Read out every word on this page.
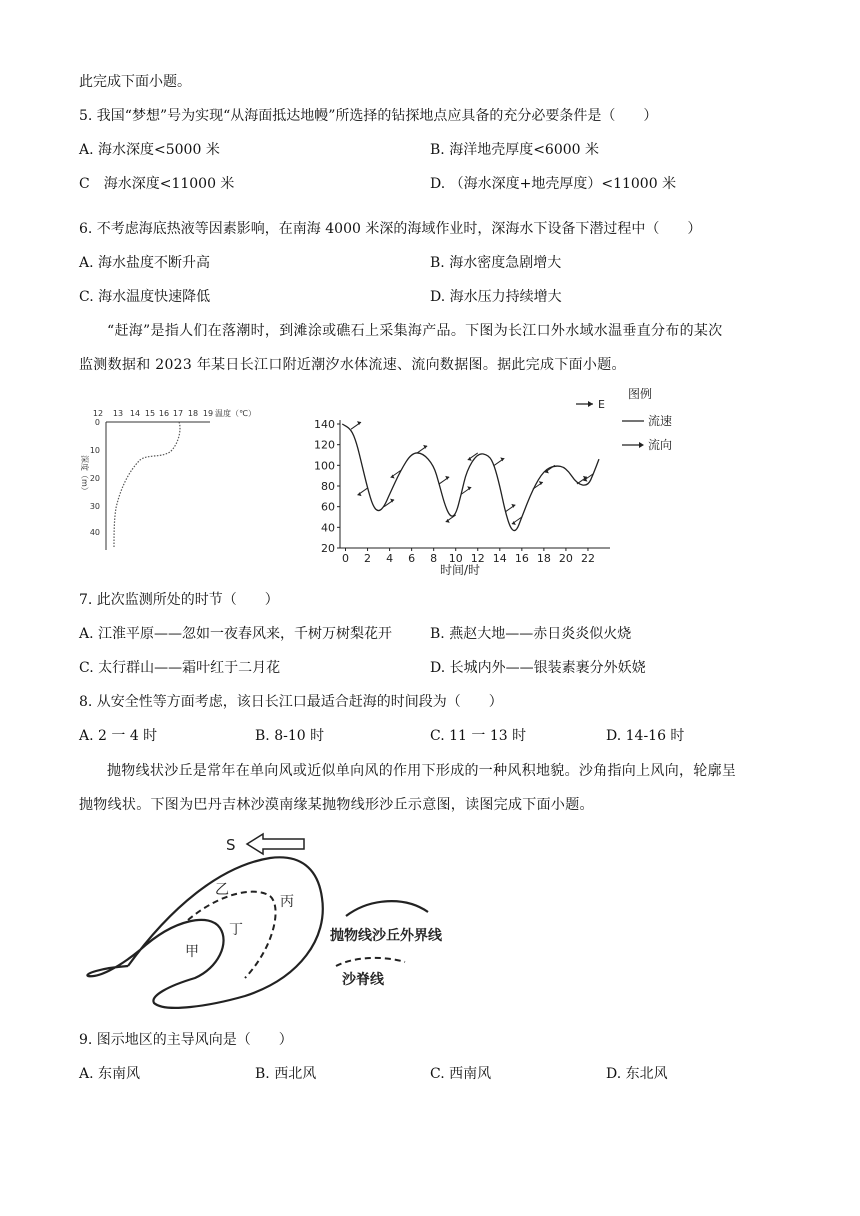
此完成下面小题。
5. 我国“梦想”号为实现“从海面抵达地幔”所选择的钻探地点应具备的充分必要条件是（　　）
A. 海水深度<5000 米	B. 海洋地壳厚度<6000 米
C　海水深度<11000 米	D. （海水深度+地壳厚度）<11000 米
6. 不考虑海底热液等因素影响，在南海 4000 米深的海域作业时，深海水下设备下潜过程中（　　）
A. 海水盐度不断升高	B. 海水密度急剧增大
C. 海水温度快速降低	D. 海水压力持续增大
“赶海”是指人们在落潮时，到滩涂或礁石上采集海产品。下图为长江口外水域水温垂直分布的某次
监测数据和 2023 年某日长江口附近潮汐水体流速、流向数据图。据此完成下面小题。
12 13 14 15 16 17 18 19 温度（℃）
0
10
20
30
40
深度（m）
20
40
60
80
100
120
140
0 2 4 6 8 10 12 14 16 18 20 22
时间/时
E
图例
流速
流向
7. 此次监测所处的时节（　　）
A. 江淮平原——忽如一夜春风来，千树万树梨花开	B. 燕赵大地——赤日炎炎似火烧
C. 太行群山——霜叶红于二月花	D. 长城内外——银装素裹分外妖娆
8. 从安全性等方面考虑，该日长江口最适合赶海的时间段为（　　）
A. 2 一 4 时	B. 8-10 时	C. 11 一 13 时	D. 14-16 时
抛物线状沙丘是常年在单向风或近似单向风的作用下形成的一种风积地貌。沙角指向上风向，轮廓呈
抛物线状。下图为巴丹吉林沙漠南缘某抛物线形沙丘示意图，读图完成下面小题。
S
乙
丙
丁
甲
抛物线沙丘外界线
沙脊线
9. 图示地区的主导风向是（　　）
A. 东南风	B. 西北风	C. 西南风	D. 东北风
